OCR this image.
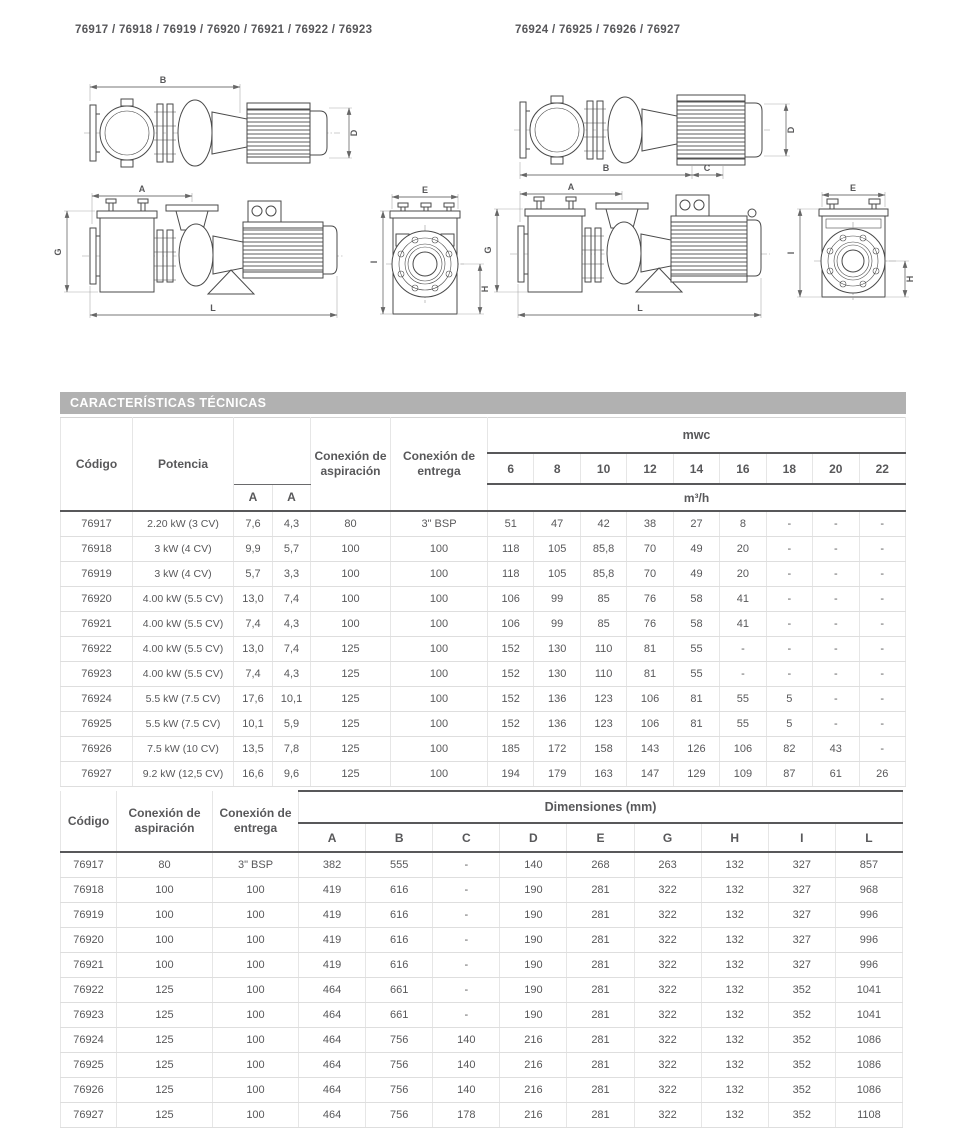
76917 / 76918 / 76919 / 76920 / 76921 / 76922 / 76923	76924 / 76925 / 76926 / 76927
B
D
A
G
L
E
I
H
D
B	C
A
G
L
E
I
H
CARACTERÍSTICAS TÉCNICAS
Código	Potencia			Conexión de aspiración	Conexión de entrega	mwc								
						6	8	10	12	14	16	18	20	22
		A	A			m³/h								
76917	2.20 kW (3 CV)	7,6	4,3	80	3" BSP	51	47	42	38	27	8	-	-	-
76918	3 kW (4 CV)	9,9	5,7	100	100	118	105	85,8	70	49	20	-	-	-
76919	3 kW (4 CV)	5,7	3,3	100	100	118	105	85,8	70	49	20	-	-	-
76920	4.00 kW (5.5 CV)	13,0	7,4	100	100	106	99	85	76	58	41	-	-	-
76921	4.00 kW (5.5 CV)	7,4	4,3	100	100	106	99	85	76	58	41	-	-	-
76922	4.00 kW (5.5 CV)	13,0	7,4	125	100	152	130	110	81	55	-	-	-	-
76923	4.00 kW (5.5 CV)	7,4	4,3	125	100	152	130	110	81	55	-	-	-	-
76924	5.5 kW (7.5 CV)	17,6	10,1	125	100	152	136	123	106	81	55	5	-	-
76925	5.5 kW (7.5 CV)	10,1	5,9	125	100	152	136	123	106	81	55	5	-	-
76926	7.5 kW (10 CV)	13,5	7,8	125	100	185	172	158	143	126	106	82	43	-
76927	9.2 kW (12,5 CV)	16,6	9,6	125	100	194	179	163	147	129	109	87	61	26
Código	Conexión de aspiración	Conexión de entrega	Dimensiones (mm)								
			A	B	C	D	E	G	H	I	L
76917	80	3" BSP	382	555	-	140	268	263	132	327	857
76918	100	100	419	616	-	190	281	322	132	327	968
76919	100	100	419	616	-	190	281	322	132	327	996
76920	100	100	419	616	-	190	281	322	132	327	996
76921	100	100	419	616	-	190	281	322	132	327	996
76922	125	100	464	661	-	190	281	322	132	352	1041
76923	125	100	464	661	-	190	281	322	132	352	1041
76924	125	100	464	756	140	216	281	322	132	352	1086
76925	125	100	464	756	140	216	281	322	132	352	1086
76926	125	100	464	756	140	216	281	322	132	352	1086
76927	125	100	464	756	178	216	281	322	132	352	1108
